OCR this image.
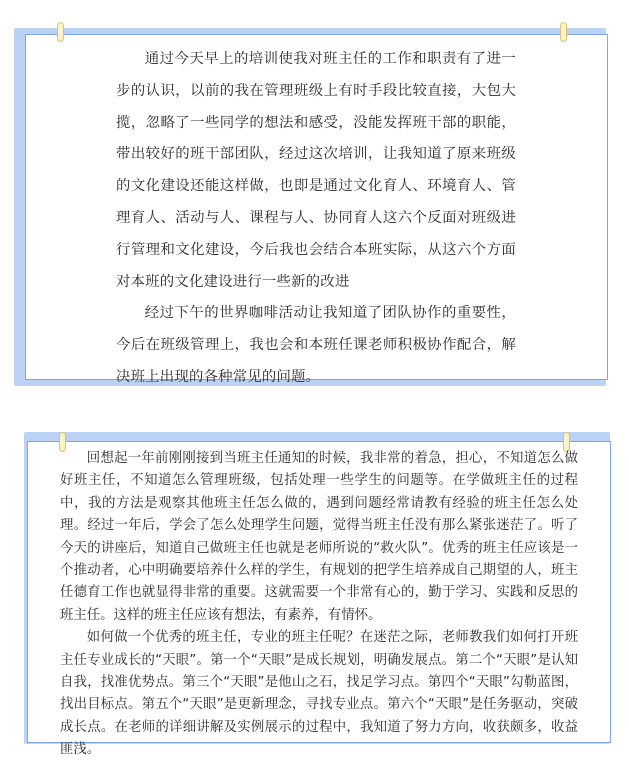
通过今天早上的培训使我对班主任的工作和职责有了进一步的认识，以前的我在管理班级上有时手段比较直接，大包大揽，忽略了一些同学的想法和感受，没能发挥班干部的职能，带出较好的班干部团队，经过这次培训，让我知道了原来班级的文化建设还能这样做，也即是通过文化育人、环境育人、管理育人、活动与人、课程与人、协同育人这六个反面对班级进行管理和文化建设，今后我也会结合本班实际，从这六个方面对本班的文化建设进行一些新的改进

经过下午的世界咖啡活动让我知道了团队协作的重要性，今后在班级管理上，我也会和本班任课老师积极协作配合，解决班上出现的各种常见的问题。

回想起一年前刚刚接到当班主任通知的时候，我非常的着急，担心，不知道怎么做好班主任，不知道怎么管理班级，包括处理一些学生的问题等。在学做班主任的过程中，我的方法是观察其他班主任怎么做的，遇到问题经常请教有经验的班主任怎么处理。经过一年后，学会了怎么处理学生问题，觉得当班主任没有那么紧张迷茫了。听了今天的讲座后，知道自己做班主任也就是老师所说的“救火队”。优秀的班主任应该是一个推动者，心中明确要培养什么样的学生，有规划的把学生培养成自己期望的人，班主任德育工作也就显得非常的重要。这就需要一个非常有心的，勤于学习、实践和反思的班主任。这样的班主任应该有想法，有素养，有情怀。

如何做一个优秀的班主任，专业的班主任呢？在迷茫之际，老师教我们如何打开班主任专业成长的“天眼”。第一个“天眼”是成长规划，明确发展点。第二个“天眼”是认知自我，找准优势点。第三个“天眼”是他山之石，找足学习点。第四个“天眼”勾勒蓝图，找出目标点。第五个“天眼”是更新理念，寻找专业点。第六个“天眼”是任务驱动，突破成长点。在老师的详细讲解及实例展示的过程中，我知道了努力方向，收获颇多，收益匪浅。
